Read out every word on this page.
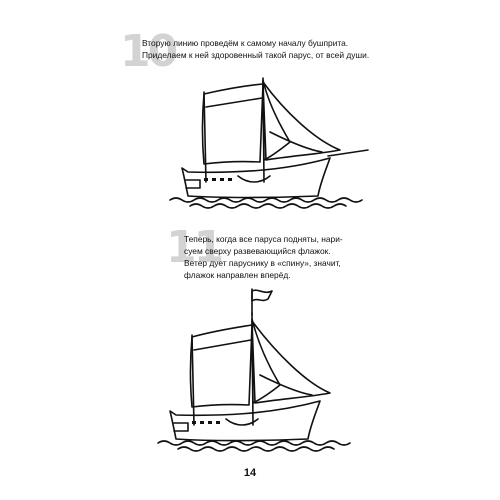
10
Вторую линию проведём к самому началу бушприта.
Приделаем к ней здоровенный такой парус, от всей души.
11
Теперь, когда все паруса подняты, нари-
суем сверху развевающийся флажок.
Ветер дует паруснику в «спину», значит,
флажок направлен вперёд.
14
